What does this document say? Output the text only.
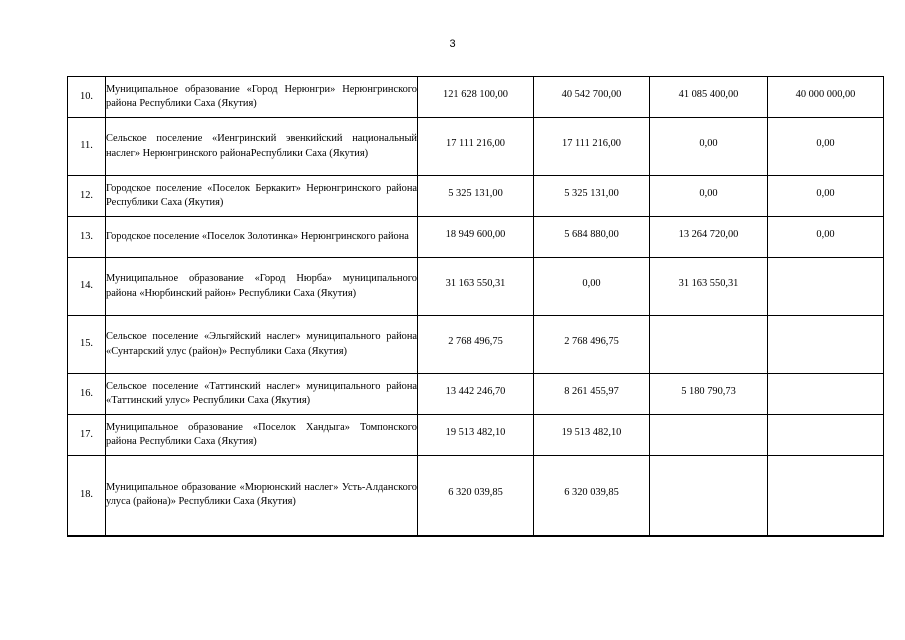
3
10.	Муниципальное образование «Город Нерюнгри» Нерюнгринского района Республики Саха (Якутия)	121 628 100,00	40 542 700,00	41 085 400,00	40 000 000,00
11.	Сельское поселение «Иенгринский эвенкийский национальный наслег» Нерюнгринского районаРеспублики Саха (Якутия)	17 111 216,00	17 111 216,00	0,00	0,00
12.	Городское поселение «Поселок Беркакит» Нерюнгринского района Республики Саха (Якутия)	5 325 131,00	5 325 131,00	0,00	0,00
13.	Городское поселение «Поселок Золотинка» Нерюнгринского района	18 949 600,00	5 684 880,00	13 264 720,00	0,00
14.	Муниципальное образование «Город Нюрба» муниципального района «Нюрбинский район» Республики Саха (Якутия)	31 163 550,31	0,00	31 163 550,31	
15.	Сельское поселение «Эльгяйский наслег» муниципального района «Сунтарский улус (район)» Республики Саха (Якутия)	2 768 496,75	2 768 496,75		
16.	Сельское поселение «Таттинский наслег» муниципального района «Таттинский улус» Республики Саха (Якутия)	13 442 246,70	8 261 455,97	5 180 790,73	
17.	Муниципальное образование «Поселок Хандыга» Томпонского района Республики Саха (Якутия)	19 513 482,10	19 513 482,10		
18.	Муниципальное образование «Мюрюнский наслег» Усть-Алданского улуса (района)» Республики Саха (Якутия)	6 320 039,85	6 320 039,85		
